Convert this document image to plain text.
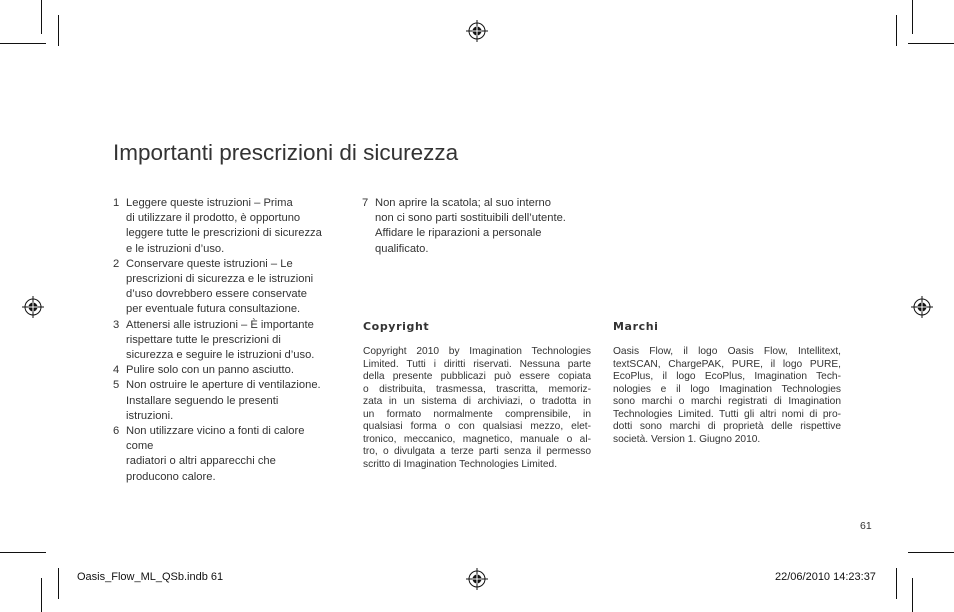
Importanti prescrizioni di sicurezza
1 Leggere queste istruzioni – Prima
di utilizzare il prodotto, è opportuno
leggere tutte le prescrizioni di sicurezza
e le istruzioni d’uso.
2 Conservare queste istruzioni – Le
prescrizioni di sicurezza e le istruzioni
d’uso dovrebbero essere conservate
per eventuale futura consultazione.
3 Attenersi alle istruzioni – È importante
rispettare tutte le prescrizioni di
sicurezza e seguire le istruzioni d’uso.
4 Pulire solo con un panno asciutto.
5 Non ostruire le aperture di ventilazione.
Installare seguendo le presenti
istruzioni.
6 Non utilizzare vicino a fonti di calore
come
radiatori o altri apparecchi che
producono calore.
7 Non aprire la scatola; al suo interno
non ci sono parti sostituibili dell’utente.
Affidare le riparazioni a personale
qualificato.
Copyright
Copyright 2010 by Imagination Technologies
Limited. Tutti i diritti riservati. Nessuna parte
della presente pubblicazi può essere copiata
o distribuita, trasmessa, trascritta, memoriz-
zata in un sistema di archiviazi, o tradotta in
un formato normalmente comprensibile, in
qualsiasi forma o con qualsiasi mezzo, elet-
tronico, meccanico, magnetico, manuale o al-
tro, o divulgata a terze parti senza il permesso
scritto di Imagination Technologies Limited.
Marchi
Oasis Flow, il logo Oasis Flow, Intellitext,
textSCAN, ChargePAK, PURE, il logo PURE,
EcoPlus, il logo EcoPlus, Imagination Tech-
nologies e il logo Imagination Technologies
sono marchi o marchi registrati di Imagination
Technologies Limited. Tutti gli altri nomi di pro-
dotti sono marchi di proprietà delle rispettive
società. Version 1. Giugno 2010.
61
Oasis_Flow_ML_QSb.indb 61	22/06/2010 14:23:37
